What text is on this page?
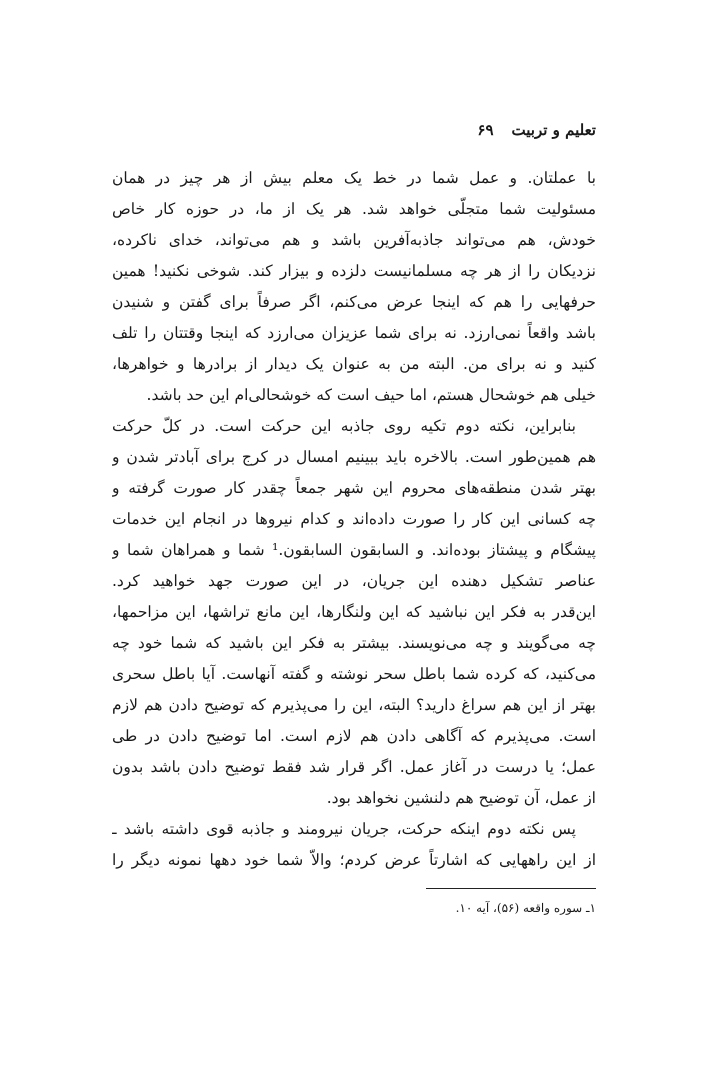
تعلیم و تربیت۶۹
با عملتان. و عمل شما در خط یک معلم بیش از هر چیز در همان
مسئولیت شما متجلّی خواهد شد. هر یک از ما، در حوزه کار خاص
خودش، هم می‌تواند جاذبه‌آفرین باشد و هم می‌تواند، خدای ناکرده،
نزدیکان را از هر چه مسلمانیست دلزده و بیزار کند. شوخی نکنید! همین
حرفهایی را هم که اینجا عرض می‌کنم، اگر صرفاً برای گفتن و شنیدن
باشد واقعاً نمی‌ارزد. نه برای شما عزیزان می‌ارزد که اینجا وقتتان را تلف
کنید و نه برای من. البته من به عنوان یک دیدار از برادرها و خواهرها،
خیلی هم خوشحال هستم، اما حیف است که خوشحالی‌ام این حد باشد.
بنابراین، نکته دوم تکیه روی جاذبه این حرکت است. در کلّ حرکت
هم همین‌طور است. بالاخره باید ببینیم امسال در کرج برای آبادتر شدن و
بهتر شدن منطقه‌های محروم این شهر جمعاً چقدر کار صورت گرفته و
چه کسانی این کار را صورت داده‌اند و کدام نیروها در انجام این خدمات
پیشگام و پیشتاز بوده‌اند. و السابقون السابقون.¹ شما و همراهان شما و
عناصر تشکیل دهنده این جریان، در این صورت جهد خواهید کرد.
این‌قدر به فکر این نباشید که این ولنگارها، این مانع تراشها، این مزاحمها،
چه می‌گویند و چه می‌نویسند. بیشتر به فکر این باشید که شما خود چه
می‌کنید، که کرده شما باطل سحر نوشته و گفته آنهاست. آیا باطل سحری
بهتر از این هم سراغ دارید؟ البته، این را می‌پذیرم که توضیح دادن هم لازم
است. می‌پذیرم که آگاهی دادن هم لازم است. اما توضیح دادن در طی
عمل؛ یا درست در آغاز عمل. اگر قرار شد فقط توضیح دادن باشد بدون
از عمل، آن توضیح هم دلنشین نخواهد بود.
پس نکته دوم اینکه حرکت، جریان نیرومند و جاذبه قوی داشته باشد ـ
از این راههایی که اشارتاً عرض کردم؛ والاّ شما خود دهها نمونه دیگر را
۱ـ سوره واقعه (۵۶)، آیه ۱۰.
